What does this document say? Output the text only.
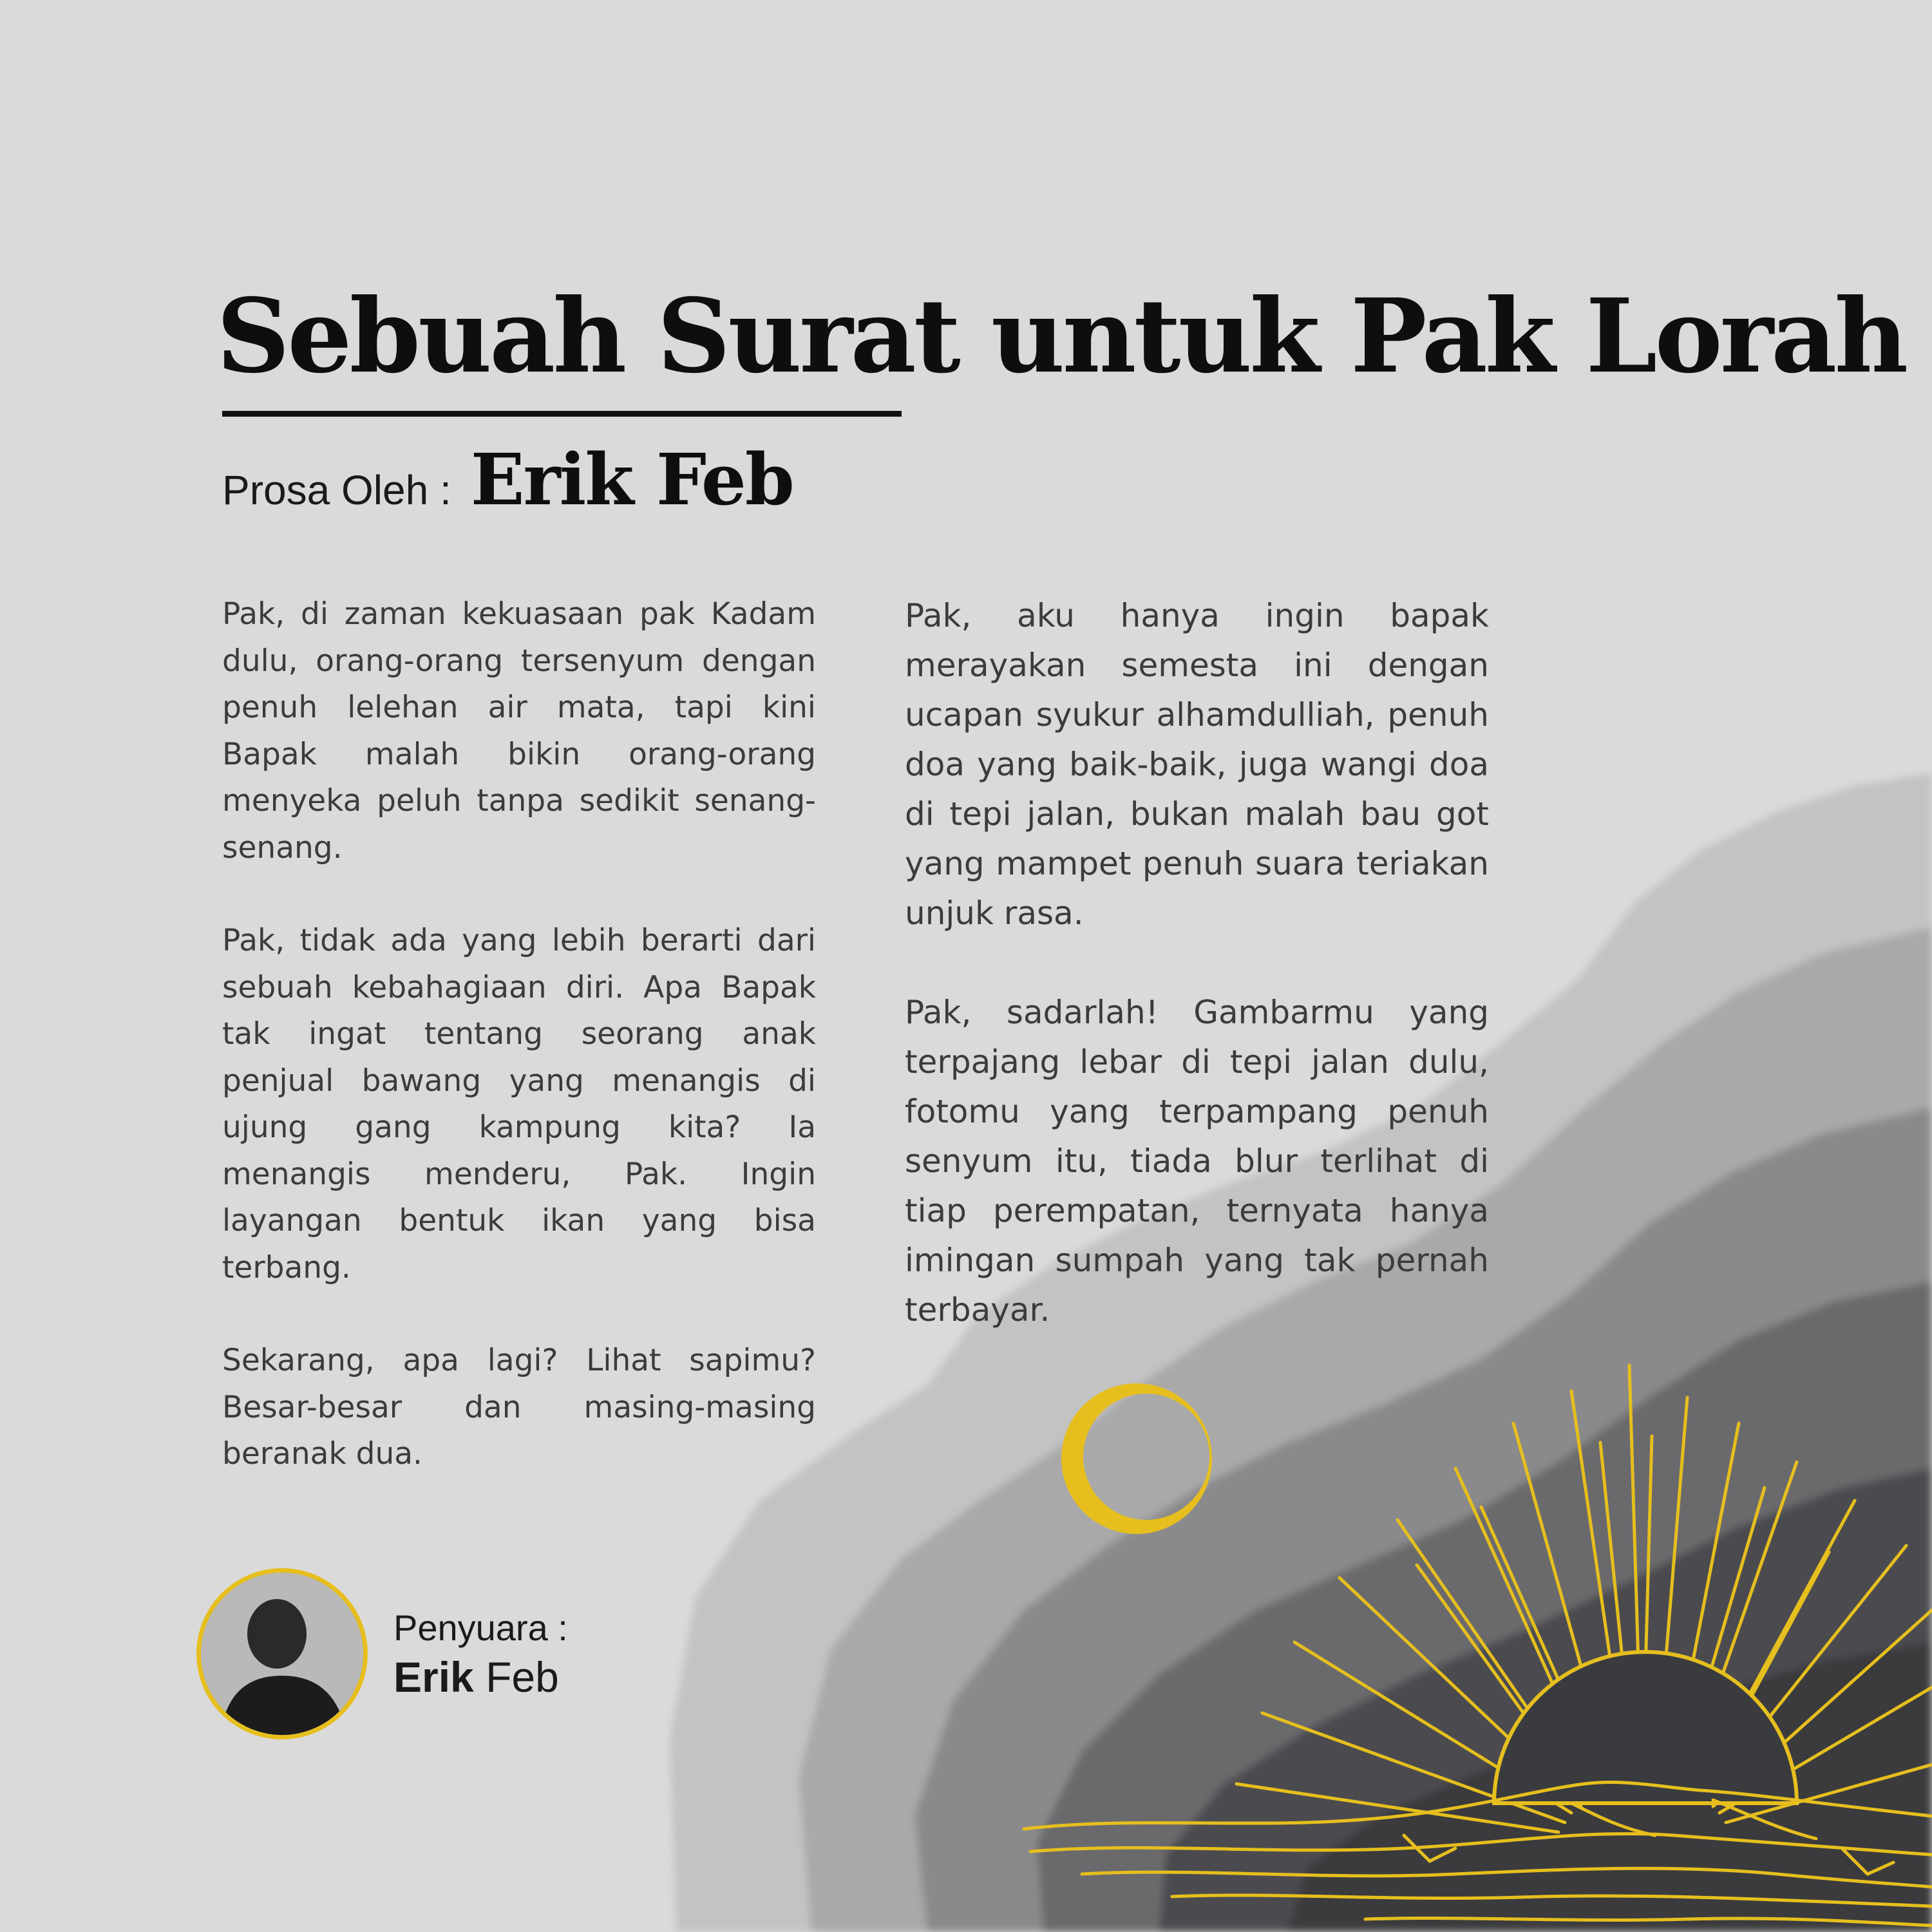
Sebuah Surat untuk Pak Lorah
Prosa Oleh : Erik Feb

Pak, di zaman kekuasaan pak Kadam dulu, orang-orang tersenyum dengan penuh lelehan air mata, tapi kini Bapak malah bikin orang-orang menyeka peluh tanpa sedikit senang-senang.

Pak, tidak ada yang lebih berarti dari sebuah kebahagiaan diri. Apa Bapak tak ingat tentang seorang anak penjual bawang yang menangis di ujung gang kampung kita? Ia menangis menderu, Pak. Ingin layangan bentuk ikan yang bisa terbang.

Sekarang, apa lagi? Lihat sapimu? Besar-besar dan masing-masing beranak dua.

Pak, aku hanya ingin bapak merayakan semesta ini dengan ucapan syukur alhamdulliah, penuh doa yang baik-baik, juga wangi doa di tepi jalan, bukan malah bau got yang mampet penuh suara teriakan unjuk rasa.

Pak, sadarlah! Gambarmu yang terpajang lebar di tepi jalan dulu, fotomu yang terpampang penuh senyum itu, tiada blur terlihat di tiap perempatan, ternyata hanya imingan sumpah yang tak pernah terbayar.

Penyuara :
Erik Feb
